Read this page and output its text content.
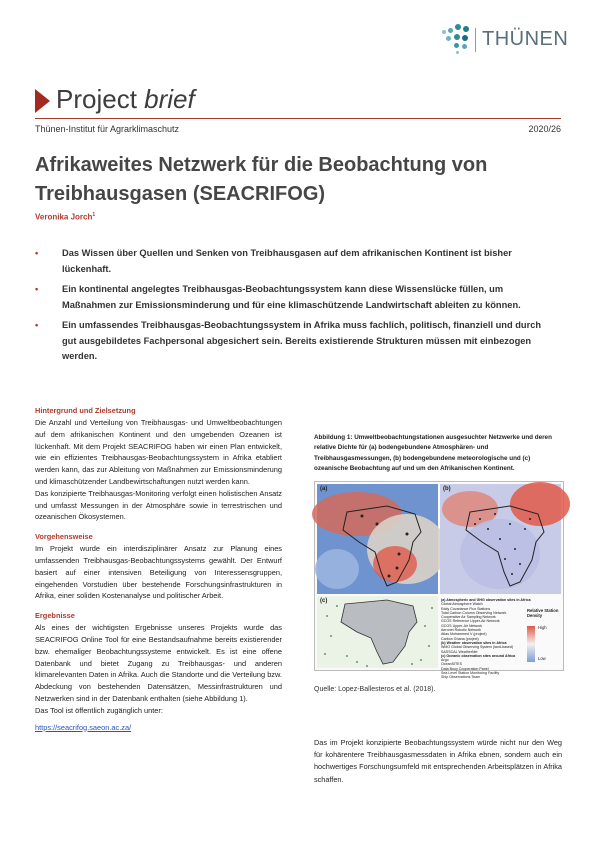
THÜNEN
Project brief
Thünen-Institut für Agrarklimaschutz	2020/26
Afrikaweites Netzwerk für die Beobachtung von Treibhausgasen (SEACRIFOG)
Veronika Jorch$^1$
•	Das Wissen über Quellen und Senken von Treibhausgasen auf dem afrikanischen Kontinent ist bisher lückenhaft.
•	Ein kontinental angelegtes Treibhausgas-Beobachtungssystem kann diese Wissenslücke füllen, um Maßnahmen zur Emissionsminderung und für eine klimaschützende Landwirtschaft ableiten zu können.
•	Ein umfassendes Treibhausgas-Beobachtungssystem in Afrika muss fachlich, politisch, finanziell und durch gut ausgebildetes Fachpersonal abgesichert sein. Bereits existierende Strukturen müssen mit einbezogen werden.
Hintergrund und Zielsetzung

Die Anzahl und Verteilung von Treibhausgas- und Umweltbeobachtungen auf dem afrikanischen Kontinent und den umgebenden Ozeanen ist lückenhaft. Mit dem Projekt SEACRIFOG haben wir einen Plan entwickelt, wie ein effizientes Treibhausgas-Beobachtungssystem in Afrika etabliert werden kann, das zur Ableitung von Maßnahmen zur Emissionsminderung und klimaschützender Landbewirtschaftungen nutzt werden kann.

Das konzipierte Treibhausgas-Monitoring verfolgt einen holistischen Ansatz und umfasst Messungen in der Atmosphäre sowie in terrestrischen und ozeanischen Ökosystemen.

Vorgehensweise

Im Projekt wurde ein interdisziplinärer Ansatz zur Planung eines umfassenden Treibhausgas-Beobachtungssystems gewählt. Der Entwurf basiert auf einer intensiven Beteiligung von Interessensgruppen, eingehenden Vorstudien über bestehende Forschungsinfrastrukturen in Afrika, einer soliden Kostenanalyse und politischer Arbeit.

Ergebnisse

Als eines der wichtigsten Ergebnisse unseres Projekts wurde das SEACRIFOG Online Tool für eine Bestandsaufnahme bereits existierender bzw. ehemaliger Beobachtungssysteme entwickelt. Es ist eine offene Datenbank und bietet Zugang zu Treibhausgas- und anderen klimarelevanten Daten in Afrika. Auch die Standorte und die Verteilung bzw. Abdeckung von bestehenden Datensätzen, Messinfrastrukturen und Netzwerken sind in der Datenbank enthalten (siehe Abbildung 1).

Das Tool ist öffentlich zugänglich unter:

https://seacrifog.saeon.ac.za/
Abbildung 1: Umweltbeobachtungstationen ausgesuchter Netzwerke und deren relative Dichte für (a) bodengebundene Atmosphären- und Treibhausgasmessungen, (b) bodengebundene meteorologische und (c) ozeanische Beobachtung auf und um den Afrikanischen Kontinent.
(a)	(b)
(c)	(a) Atmospheric and GHG observation sites in Africa
Global Atmosphere Watch
Eddy Covariance Flux Stations
Total Carbon Column Observing Network
Cooperative Air Sampling Network
GCOS Reference Upper-Air Network
GCOS Upper-Air Network
Aeronet Robotic Network
Atlas Mohammed V (project)
Carbon Ghana (project)
(b) Weather observation sites in Africa
WMO Global Observing System (land-based)
SASSCAL WeatherNet
(c) Oceanic observation sites around Africa
Argo
OceanSITES
Data Buoy Cooperation Panel
Sea Level Station Monitoring Facility
Ship Observations Team
Relative Station Density
High
Low
Quelle: Lopez-Ballesteros et al. (2018).
Das im Projekt konzipierte Beobachtungssystem würde nicht nur den Weg für kohärentere Treibhausgasmessdaten in Afrika ebnen, sondern auch ein hochwertiges Forschungsumfeld mit entsprechenden Arbeitsplätzen in Afrika schaffen.
